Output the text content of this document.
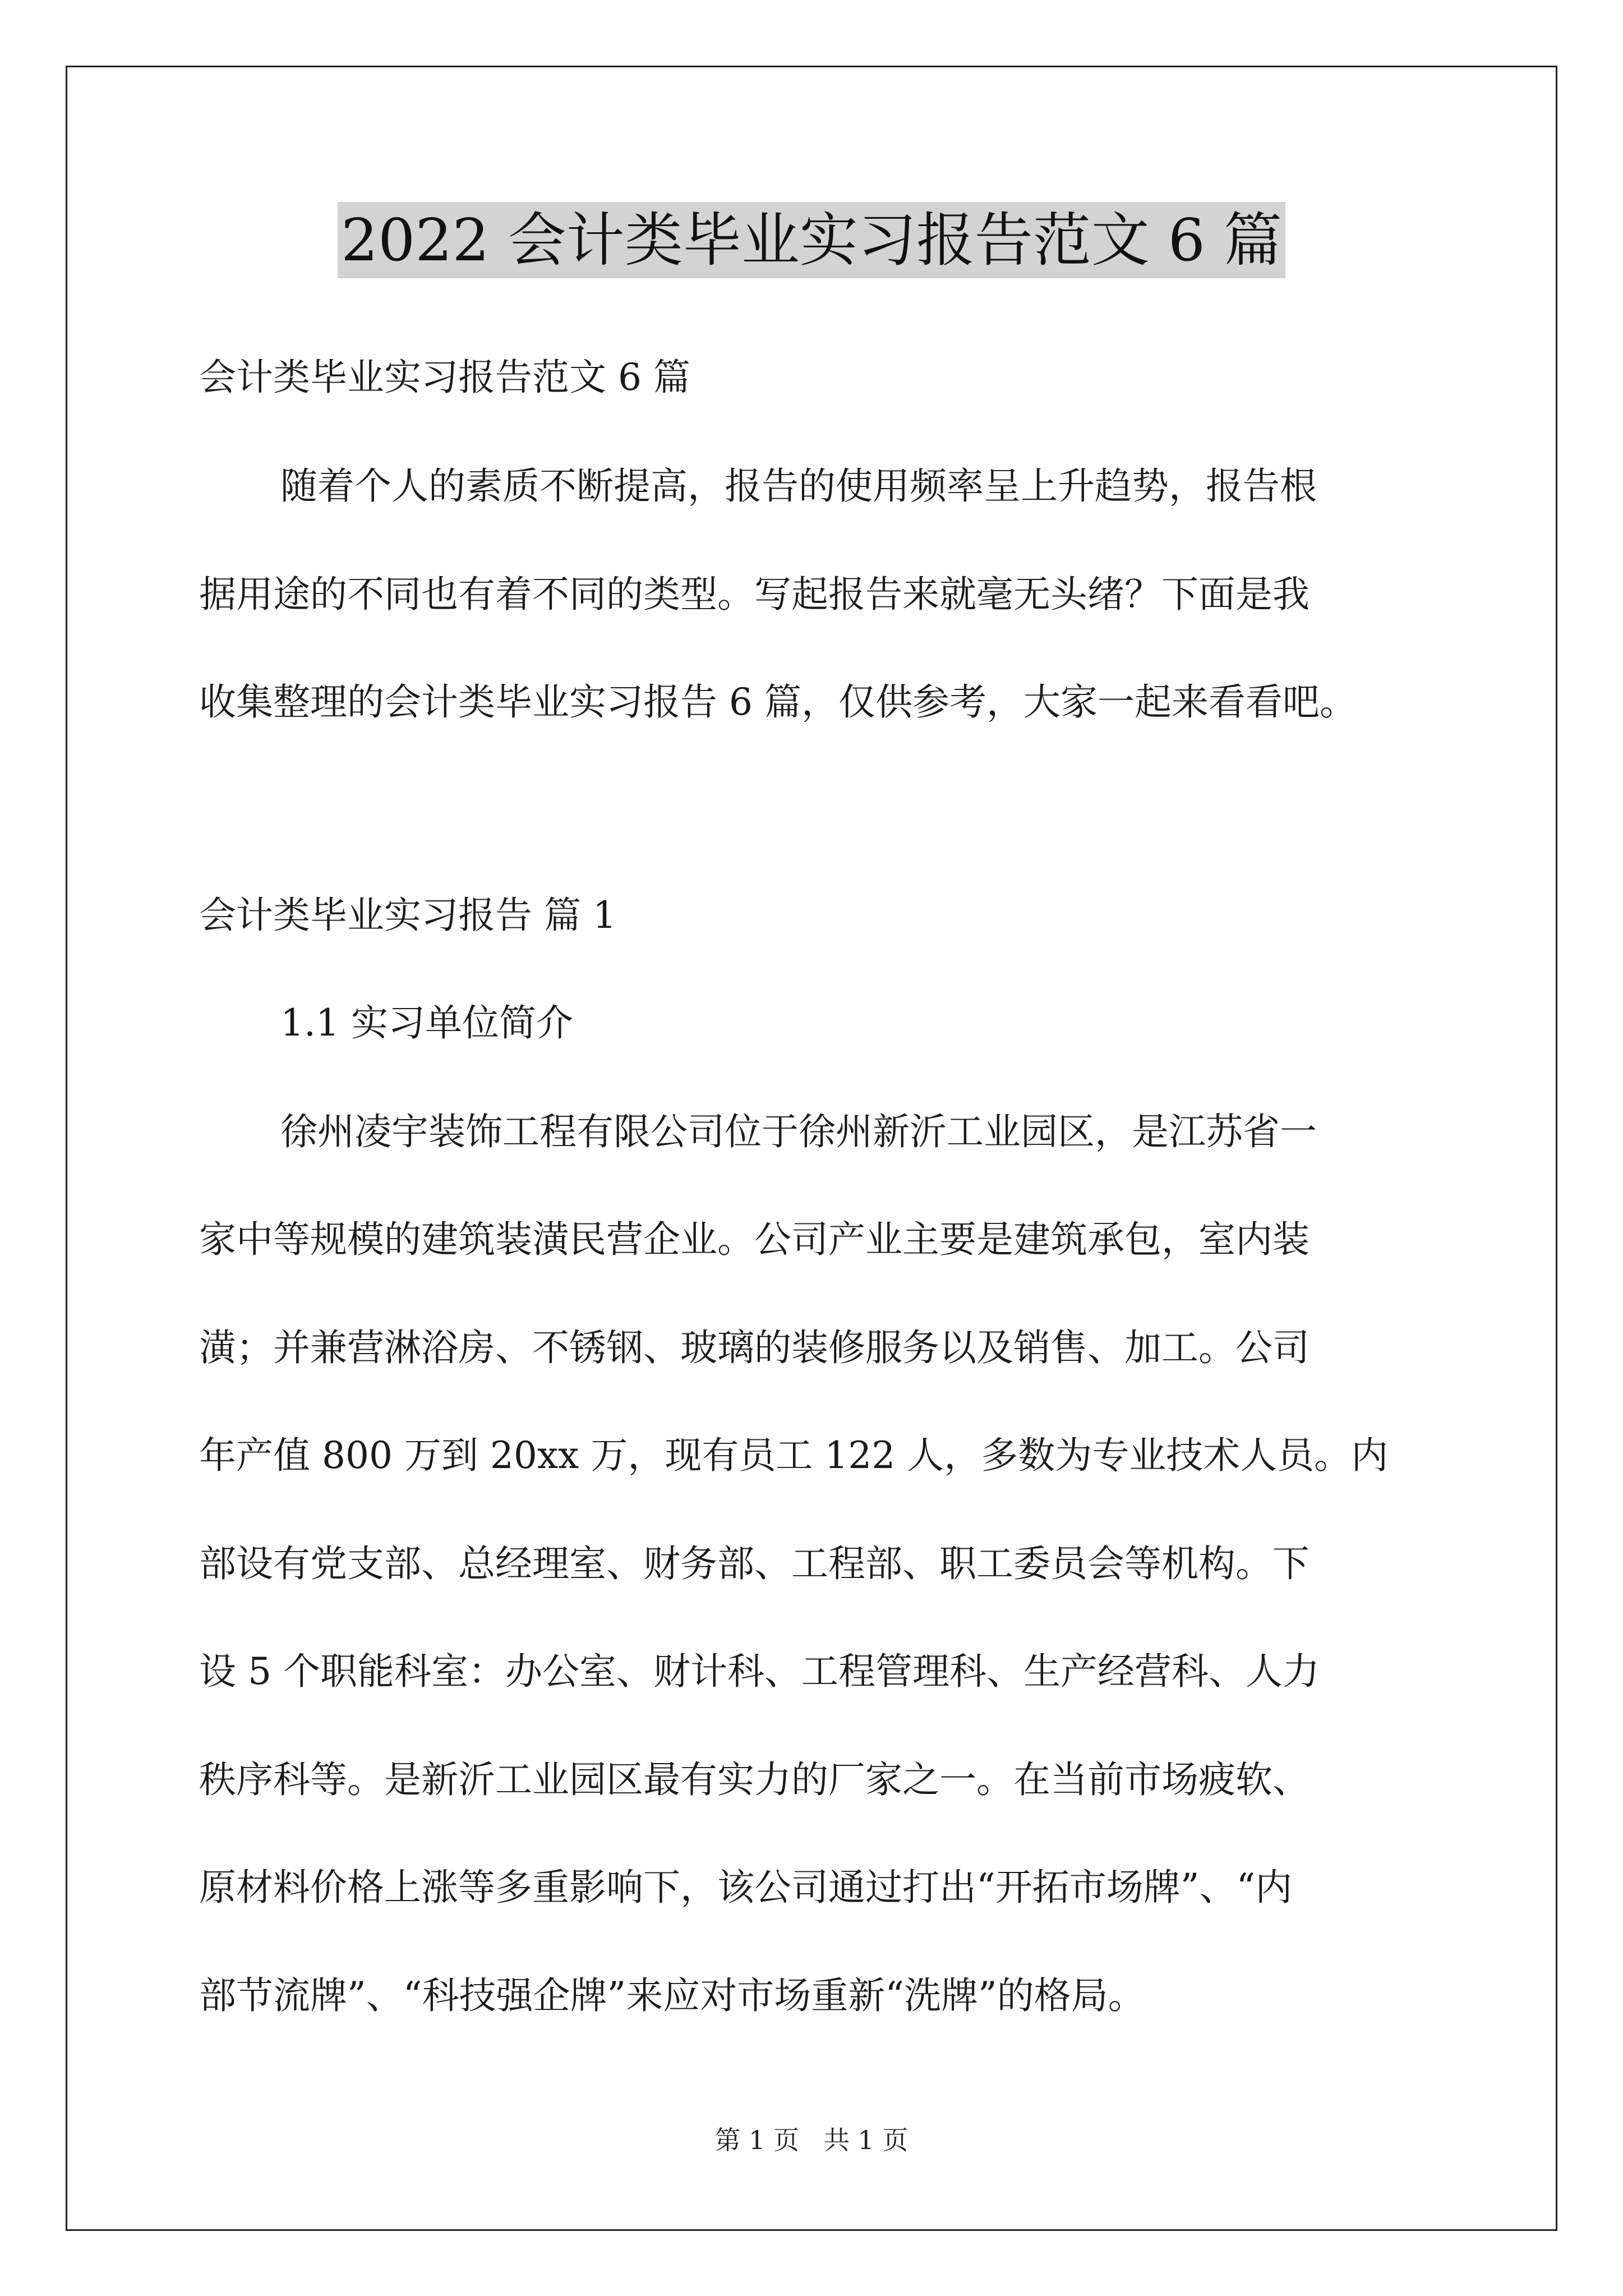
2022 会计类毕业实习报告范文 6 篇
会计类毕业实习报告范文 6 篇
随着个人的素质不断提高，报告的使用频率呈上升趋势，报告根
据用途的不同也有着不同的类型。写起报告来就毫无头绪？下面是我
收集整理的会计类毕业实习报告 6 篇，仅供参考，大家一起来看看吧。
会计类毕业实习报告 篇 1
1.1 实习单位简介
徐州凌宇装饰工程有限公司位于徐州新沂工业园区，是江苏省一
家中等规模的建筑装潢民营企业。公司产业主要是建筑承包，室内装
潢；并兼营淋浴房、不锈钢、玻璃的装修服务以及销售、加工。公司
年产值 800 万到 20xx 万，现有员工 122 人，多数为专业技术人员。内
部设有党支部、总经理室、财务部、工程部、职工委员会等机构。下
设 5 个职能科室：办公室、财计科、工程管理科、生产经营科、人力
秩序科等。是新沂工业园区最有实力的厂家之一。在当前市场疲软、
原材料价格上涨等多重影响下，该公司通过打出“开拓市场牌”、“内
部节流牌”、“科技强企牌”来应对市场重新“洗牌”的格局。
第 1 页   共 1 页
